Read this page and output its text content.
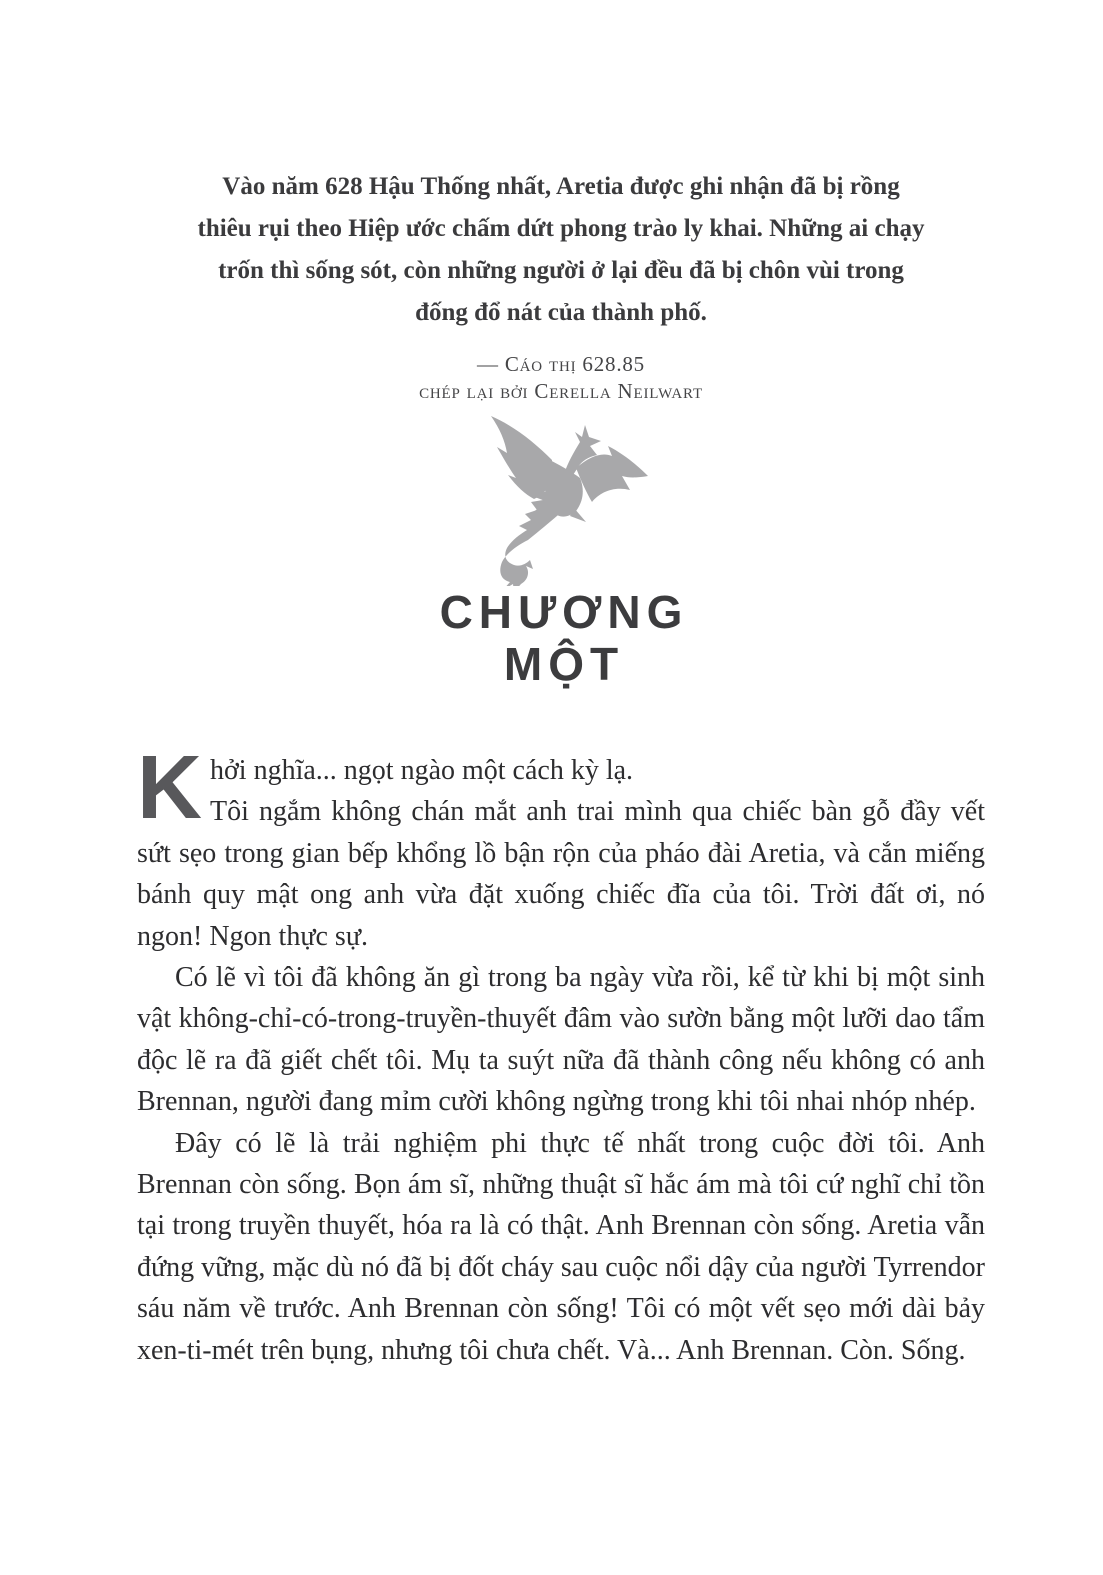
Vào năm 628 Hậu Thống nhất, Aretia được ghi nhận đã bị rồng
thiêu rụi theo Hiệp ước chấm dứt phong trào ly khai. Những ai chạy
trốn thì sống sót, còn những người ở lại đều đã bị chôn vùi trong
đống đổ nát của thành phố.
— Cáo thị 628.85
chép lại bởi Cerella Neilwart
CHƯƠNG
MỘT

Khởi nghĩa... ngọt ngào một cách kỳ lạ.

Tôi ngắm không chán mắt anh trai mình qua chiếc bàn gỗ đầy vết sứt sẹo trong gian bếp khổng lồ bận rộn của pháo đài Aretia, và cắn miếng bánh quy mật ong anh vừa đặt xuống chiếc đĩa của tôi. Trời đất ơi, nó ngon! Ngon thực sự.

Có lẽ vì tôi đã không ăn gì trong ba ngày vừa rồi, kể từ khi bị một sinh vật không-chỉ-có-trong-truyền-thuyết đâm vào sườn bằng một lưỡi dao tẩm độc lẽ ra đã giết chết tôi. Mụ ta suýt nữa đã thành công nếu không có anh Brennan, người đang mỉm cười không ngừng trong khi tôi nhai nhóp nhép.

Đây có lẽ là trải nghiệm phi thực tế nhất trong cuộc đời tôi. Anh Brennan còn sống. Bọn ám sĩ, những thuật sĩ hắc ám mà tôi cứ nghĩ chỉ tồn tại trong truyền thuyết, hóa ra là có thật. Anh Brennan còn sống. Aretia vẫn đứng vững, mặc dù nó đã bị đốt cháy sau cuộc nổi dậy của người Tyrrendor sáu năm về trước. Anh Brennan còn sống! Tôi có một vết sẹo mới dài bảy xen-ti-mét trên bụng, nhưng tôi chưa chết. Và... Anh Brennan. Còn. Sống.
